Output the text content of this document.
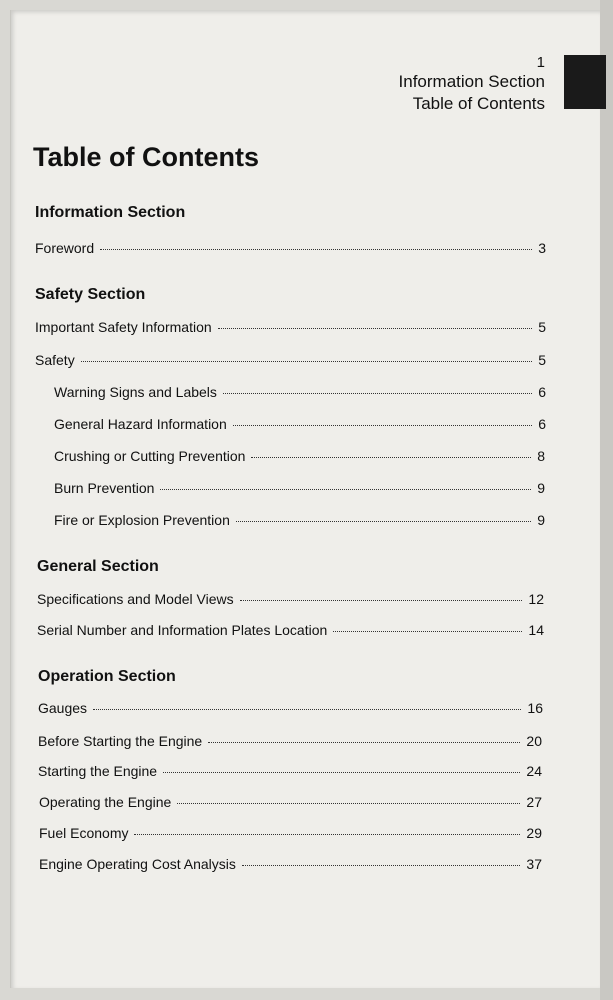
1
Information Section
Table of Contents
Table of Contents
Information Section
Foreword	3
Safety Section
Important Safety Information	5
Safety	5
Warning Signs and Labels	6
General Hazard Information	6
Crushing or Cutting Prevention	8
Burn Prevention	9
Fire or Explosion Prevention	9
General Section
Specifications and Model Views	12
Serial Number and Information Plates Location	14
Operation Section
Gauges	16
Before Starting the Engine	20
Starting the Engine	24
Operating the Engine	27
Fuel Economy	29
Engine Operating Cost Analysis	37
